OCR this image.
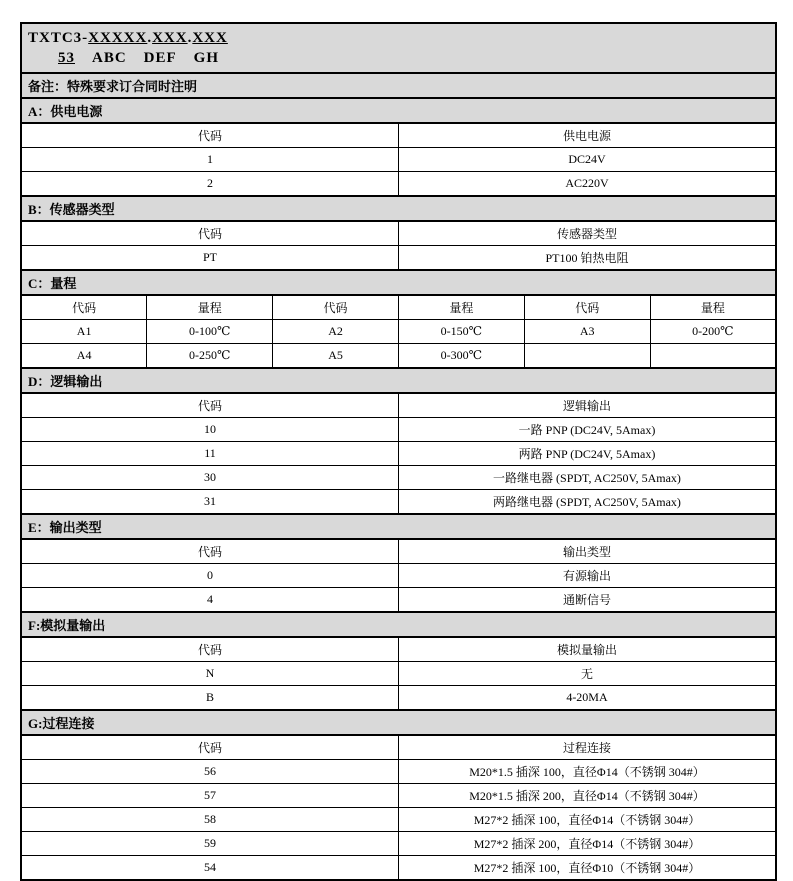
TXTC3-XXXXX.XXX.XXX
53 ABC DEF GH					

备注：特殊要求订合同时注明					
A：供电电源					
代码			供电电源		
1			DC24V		
2			AC220V		
B：传感器类型					
代码			传感器类型		
PT			PT100 铂热电阻		
C：量程					
代码	量程	代码	量程	代码	量程
A1	0-100℃	A2	0-150℃	A3	0-200℃
A4	0-250℃	A5	0-300℃		
D：逻辑输出					
代码			逻辑输出		
10			一路 PNP (DC24V, 5Amax)		
11			两路 PNP (DC24V, 5Amax)		
30			一路继电器 (SPDT, AC250V, 5Amax)		
31			两路继电器 (SPDT, AC250V, 5Amax)		
E：输出类型					
代码			输出类型		
0			有源输出		
4			通断信号		
F:模拟量输出					
代码			模拟量输出		
N			无		
B			4-20MA		
G:过程连接					
代码			过程连接		
56			M20*1.5 插深 100，直径Φ14（不锈钢 304#）		
57			M20*1.5 插深 200，直径Φ14（不锈钢 304#）		
58			M27*2 插深 100，直径Φ14（不锈钢 304#）		
59			M27*2 插深 200，直径Φ14（不锈钢 304#）		
54			M27*2 插深 100，直径Φ10（不锈钢 304#）		
